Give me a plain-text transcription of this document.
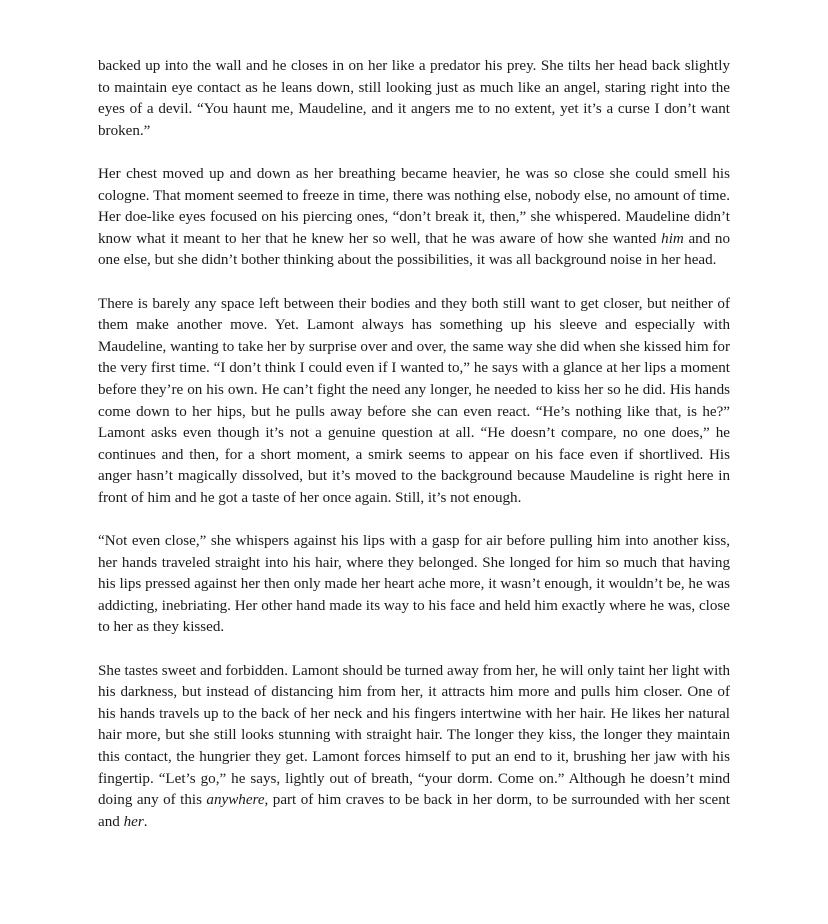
backed up into the wall and he closes in on her like a predator his prey. She tilts her head back slightly to maintain eye contact as he leans down, still looking just as much like an angel, staring right into the eyes of a devil. “You haunt me, Maudeline, and it angers me to no extent, yet it’s a curse I don’t want broken.”

Her chest moved up and down as her breathing became heavier, he was so close she could smell his cologne. That moment seemed to freeze in time, there was nothing else, nobody else, no amount of time. Her doe-like eyes focused on his piercing ones, “don’t break it, then,” she whispered. Maudeline didn’t know what it meant to her that he knew her so well, that he was aware of how she wanted him and no one else, but she didn’t bother thinking about the possibilities, it was all background noise in her head.

There is barely any space left between their bodies and they both still want to get closer, but neither of them make another move. Yet. Lamont always has something up his sleeve and especially with Maudeline, wanting to take her by surprise over and over, the same way she did when she kissed him for the very first time. “I don’t think I could even if I wanted to,” he says with a glance at her lips a moment before they’re on his own. He can’t fight the need any longer, he needed to kiss her so he did. His hands come down to her hips, but he pulls away before she can even react. “He’s nothing like that, is he?” Lamont asks even though it’s not a genuine question at all. “He doesn’t compare, no one does,” he continues and then, for a short moment, a smirk seems to appear on his face even if shortlived. His anger hasn’t magically dissolved, but it’s moved to the background because Maudeline is right here in front of him and he got a taste of her once again. Still, it’s not enough.

“Not even close,” she whispers against his lips with a gasp for air before pulling him into another kiss, her hands traveled straight into his hair, where they belonged. She longed for him so much that having his lips pressed against her then only made her heart ache more, it wasn’t enough, it wouldn’t be, he was addicting, inebriating. Her other hand made its way to his face and held him exactly where he was, close to her as they kissed.

She tastes sweet and forbidden. Lamont should be turned away from her, he will only taint her light with his darkness, but instead of distancing him from her, it attracts him more and pulls him closer. One of his hands travels up to the back of her neck and his fingers intertwine with her hair. He likes her natural hair more, but she still looks stunning with straight hair. The longer they kiss, the longer they maintain this contact, the hungrier they get. Lamont forces himself to put an end to it, brushing her jaw with his fingertip. “Let’s go,” he says, lightly out of breath, “your dorm. Come on.” Although he doesn’t mind doing any of this anywhere, part of him craves to be back in her dorm, to be surrounded with her scent and her.
